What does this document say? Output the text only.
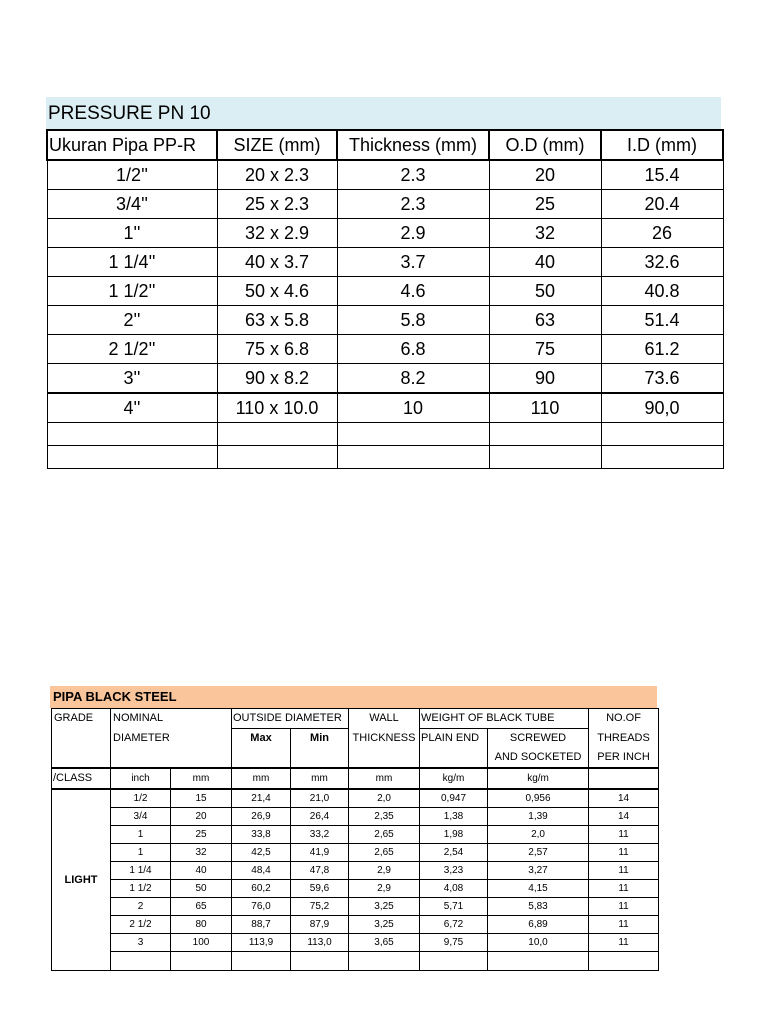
PRESSURE PN 10
Ukuran Pipa PP-R	SIZE (mm)	Thickness (mm)	O.D (mm)	I.D (mm)
1/2''	20 x 2.3	2.3	20	15.4
3/4''	25 x 2.3	2.3	25	20.4
1''	32 x 2.9	2.9	32	26
1 1/4''	40 x 3.7	3.7	40	32.6
1 1/2''	50 x 4.6	4.6	50	40.8
2''	63 x 5.8	5.8	63	51.4
2 1/2''	75 x 6.8	6.8	75	61.2
3''	90 x 8.2	8.2	90	73.6
4''	110 x 10.0	10	110	90,0

PIPA BLACK STEEL
GRADE	NOMINAL		OUTSIDE DIAMETER		WALL	WEIGHT OF BLACK TUBE		NO.OF
	DIAMETER		Max	Min	THICKNESS	PLAIN END	SCREWED	THREADS
							AND SOCKETED	PER INCH
/CLASS	inch	mm	mm	mm	mm	kg/m	kg/m	
LIGHT	1/2	15	21,4	21,0	2,0	0,947	0,956	14
	3/4	20	26,9	26,4	2,35	1,38	1,39	14
	1	25	33,8	33,2	2,65	1,98	2,0	11
	1	32	42,5	41,9	2,65	2,54	2,57	11
	1 1/4	40	48,4	47,8	2,9	3,23	3,27	11
	1 1/2	50	60,2	59,6	2,9	4,08	4,15	11
	2	65	76,0	75,2	3,25	5,71	5,83	11
	2 1/2	80	88,7	87,9	3,25	6,72	6,89	11
	3	100	113,9	113,0	3,65	9,75	10,0	11
